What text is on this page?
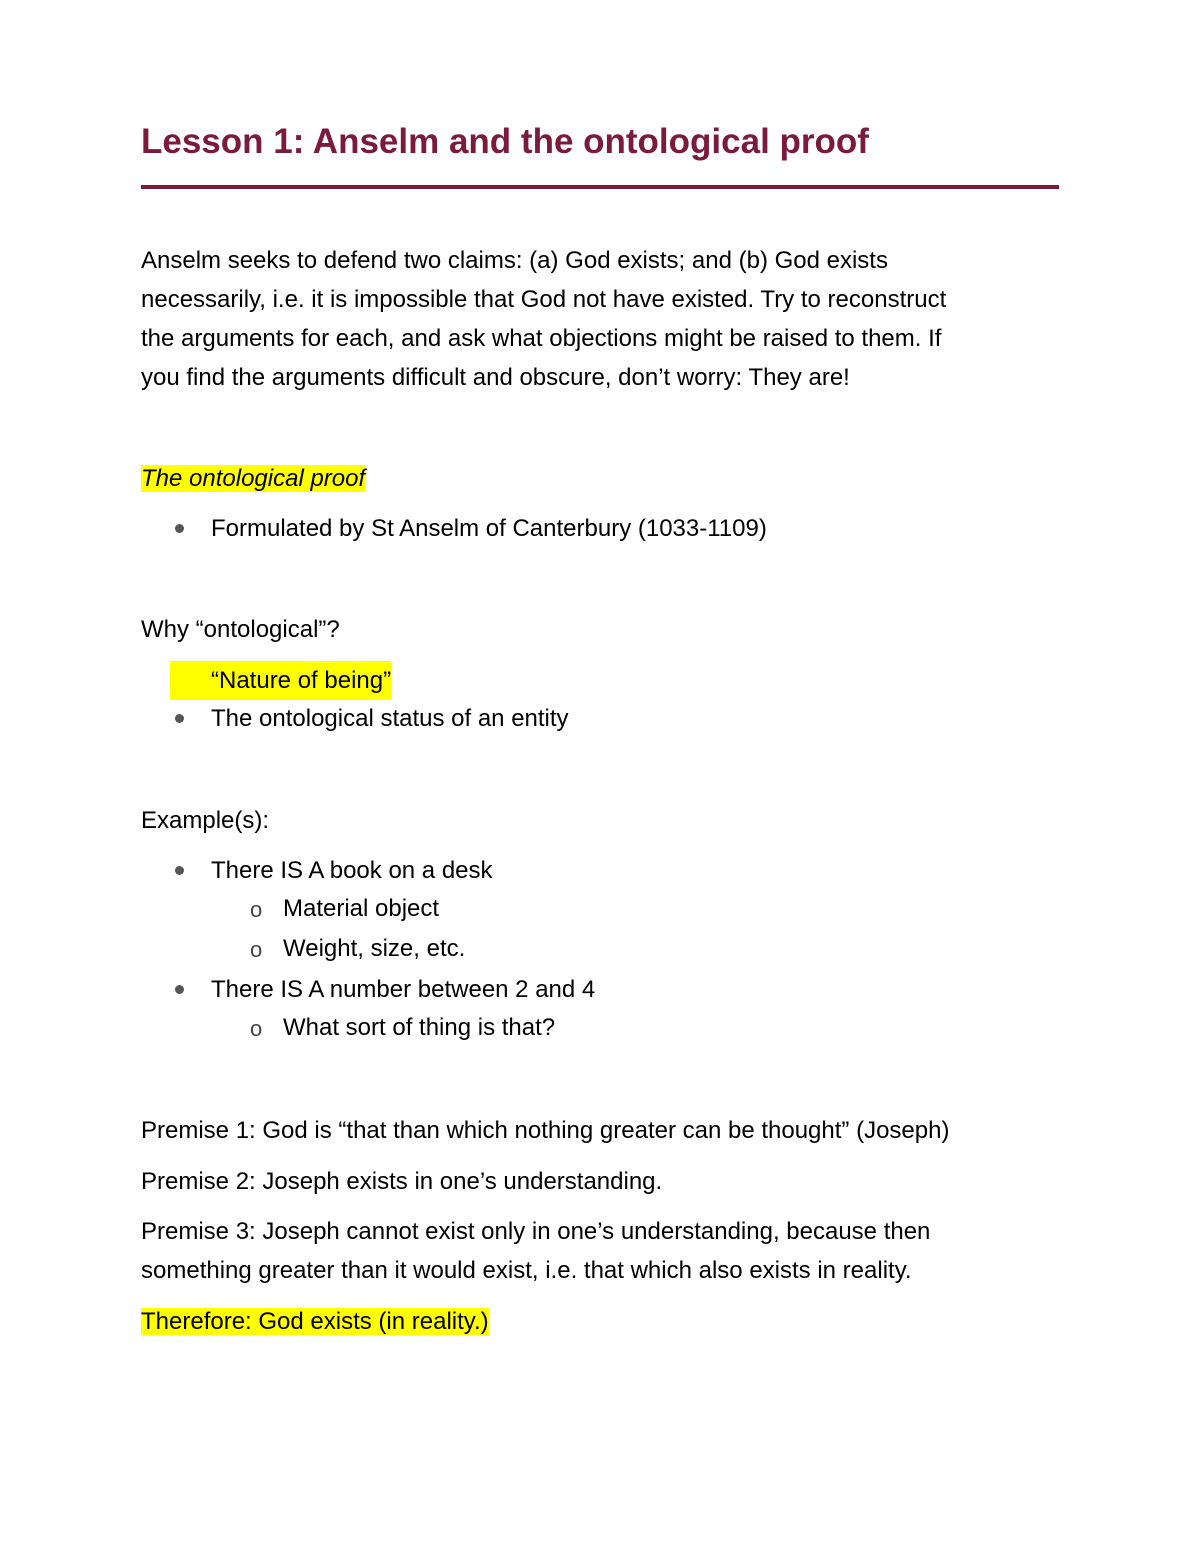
Lesson 1: Anselm and the ontological proof
Anselm seeks to defend two claims: (a) God exists; and (b) God exists
necessarily, i.e. it is impossible that God not have existed. Try to reconstruct
the arguments for each, and ask what objections might be raised to them. If
you find the arguments difficult and obscure, don’t worry: They are!
The ontological proof
Formulated by St Anselm of Canterbury (1033-1109)
Why “ontological”?
“Nature of being”
The ontological status of an entity
Example(s):
There IS A book on a desk
o Material object
o Weight, size, etc.
There IS A number between 2 and 4
o What sort of thing is that?
Premise 1: God is “that than which nothing greater can be thought” (Joseph)
Premise 2: Joseph exists in one’s understanding.
Premise 3: Joseph cannot exist only in one’s understanding, because then
something greater than it would exist, i.e. that which also exists in reality.
Therefore: God exists (in reality.)
